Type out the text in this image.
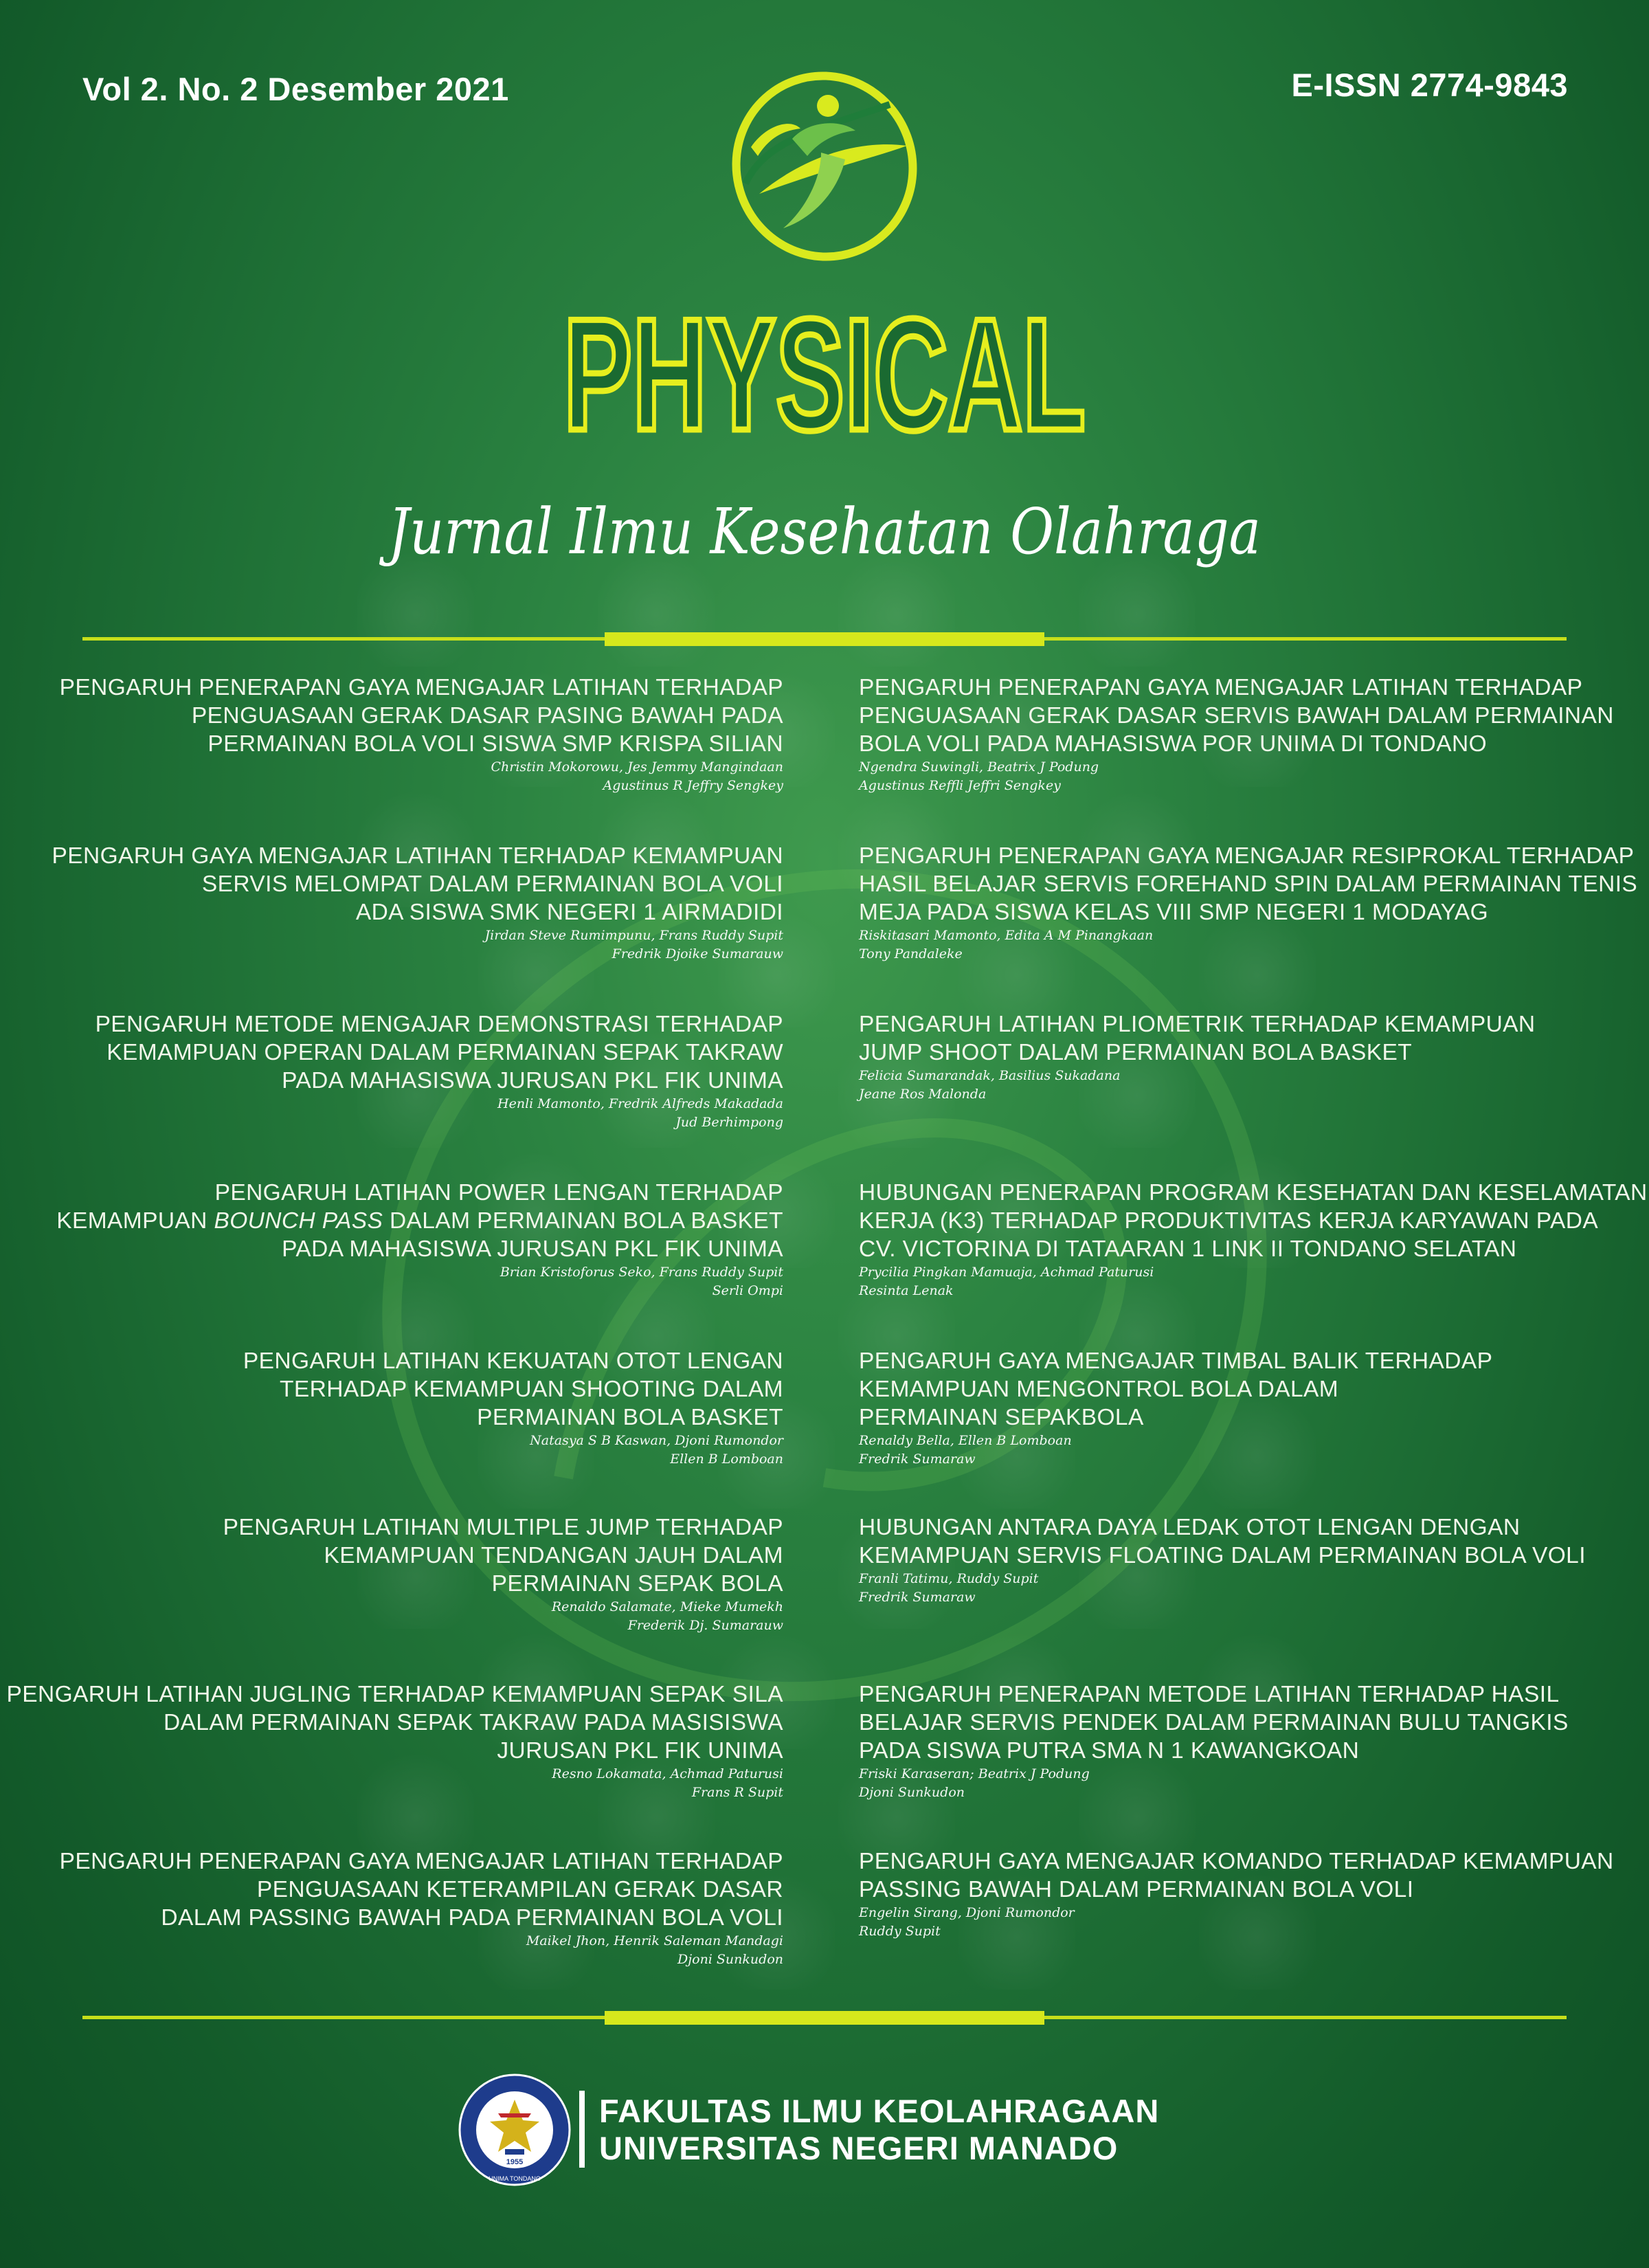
Vol 2. No. 2 Desember 2021	E-ISSN 2774-9843
PHYSICAL
Jurnal Ilmu Kesehatan Olahraga
PENGARUH PENERAPAN GAYA MENGAJAR LATIHAN TERHADAP
PENGUASAAN GERAK DASAR PASING BAWAH PADA
PERMAINAN BOLA VOLI SISWA SMP KRISPA SILIAN
Christin Mokorowu, Jes Jemmy Mangindaan
Agustinus R Jeffry Sengkey
PENGARUH GAYA MENGAJAR LATIHAN TERHADAP KEMAMPUAN
SERVIS MELOMPAT DALAM PERMAINAN BOLA VOLI
ADA SISWA SMK NEGERI 1 AIRMADIDI
Jirdan Steve Rumimpunu, Frans Ruddy Supit
Fredrik Djoike Sumarauw
PENGARUH METODE MENGAJAR DEMONSTRASI TERHADAP
KEMAMPUAN OPERAN DALAM PERMAINAN SEPAK TAKRAW
PADA MAHASISWA JURUSAN PKL FIK UNIMA
Henli Mamonto, Fredrik Alfreds Makadada
Jud Berhimpong
PENGARUH LATIHAN POWER LENGAN TERHADAP
KEMAMPUAN BOUNCH PASS DALAM PERMAINAN BOLA BASKET
PADA MAHASISWA JURUSAN PKL FIK UNIMA
Brian Kristoforus Seko, Frans Ruddy Supit
Serli Ompi
PENGARUH LATIHAN KEKUATAN OTOT LENGAN
TERHADAP KEMAMPUAN SHOOTING DALAM
PERMAINAN BOLA BASKET
Natasya S B Kaswan, Djoni Rumondor
Ellen B Lomboan
PENGARUH LATIHAN MULTIPLE JUMP TERHADAP
KEMAMPUAN TENDANGAN JAUH DALAM
PERMAINAN SEPAK BOLA
Renaldo Salamate, Mieke Mumekh
Frederik Dj. Sumarauw
PENGARUH LATIHAN JUGLING TERHADAP KEMAMPUAN SEPAK SILA
DALAM PERMAINAN SEPAK TAKRAW PADA MASISISWA
JURUSAN PKL FIK UNIMA
Resno Lokamata, Achmad Paturusi
Frans R Supit
PENGARUH PENERAPAN GAYA MENGAJAR LATIHAN TERHADAP
PENGUASAAN KETERAMPILAN GERAK DASAR
DALAM PASSING BAWAH PADA PERMAINAN BOLA VOLI
Maikel Jhon, Henrik Saleman Mandagi
Djoni Sunkudon
PENGARUH PENERAPAN GAYA MENGAJAR LATIHAN TERHADAP
PENGUASAAN GERAK DASAR SERVIS BAWAH DALAM PERMAINAN
BOLA VOLI PADA MAHASISWA POR UNIMA DI TONDANO
Ngendra Suwingli, Beatrix J Podung
Agustinus Reffli Jeffri Sengkey
PENGARUH PENERAPAN GAYA MENGAJAR RESIPROKAL TERHADAP
HASIL BELAJAR SERVIS FOREHAND SPIN DALAM PERMAINAN TENIS
MEJA PADA SISWA KELAS VIII SMP NEGERI 1 MODAYAG
Riskitasari Mamonto, Edita A M Pinangkaan
Tony Pandaleke
PENGARUH LATIHAN PLIOMETRIK TERHADAP KEMAMPUAN
JUMP SHOOT DALAM PERMAINAN BOLA BASKET
Felicia Sumarandak, Basilius Sukadana
Jeane Ros Malonda
HUBUNGAN PENERAPAN PROGRAM KESEHATAN DAN KESELAMATAN
KERJA (K3) TERHADAP PRODUKTIVITAS KERJA KARYAWAN PADA
CV. VICTORINA DI TATAARAN 1 LINK II TONDANO SELATAN
Prycilia Pingkan Mamuaja, Achmad Paturusi
Resinta Lenak
PENGARUH GAYA MENGAJAR TIMBAL BALIK TERHADAP
KEMAMPUAN MENGONTROL BOLA DALAM
PERMAINAN SEPAKBOLA
Renaldy Bella, Ellen B Lomboan
Fredrik Sumaraw
HUBUNGAN ANTARA DAYA LEDAK OTOT LENGAN DENGAN
KEMAMPUAN SERVIS FLOATING DALAM PERMAINAN BOLA VOLI
Franli Tatimu, Ruddy Supit
Fredrik Sumaraw
PENGARUH PENERAPAN METODE LATIHAN TERHADAP HASIL
BELAJAR SERVIS PENDEK DALAM PERMAINAN BULU TANGKIS
PADA SISWA PUTRA SMA N 1 KAWANGKOAN
Friski Karaseran; Beatrix J Podung
Djoni Sunkudon
PENGARUH GAYA MENGAJAR KOMANDO TERHADAP KEMAMPUAN
PASSING BAWAH DALAM PERMAINAN BOLA VOLI
Engelin Sirang, Djoni Rumondor
Ruddy Supit
1955
UNIMA TONDANO
FAKULTAS ILMU KEOLAHRAGAAN
UNIVERSITAS NEGERI MANADO
